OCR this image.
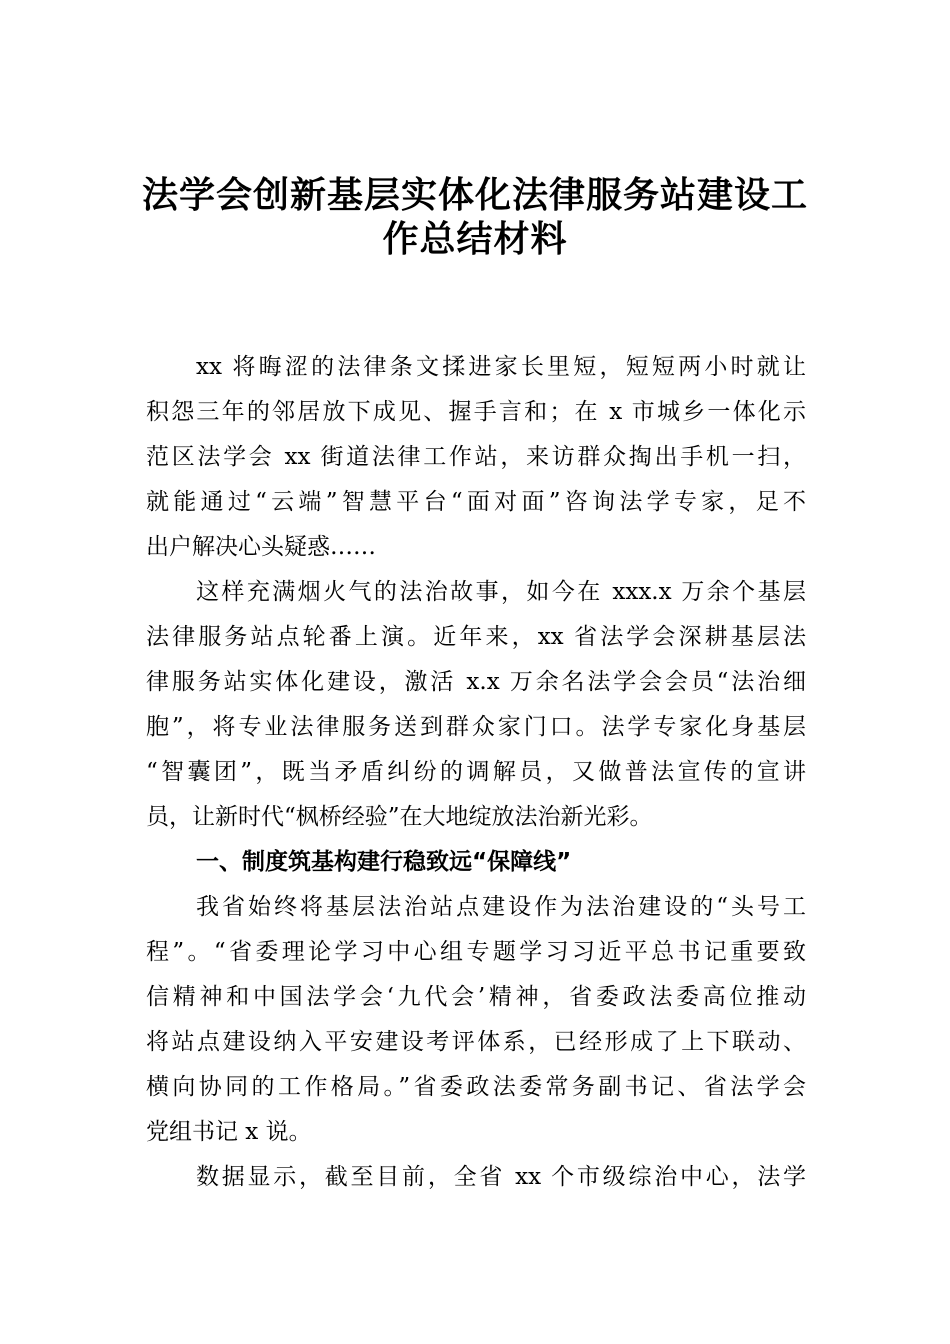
法学会创新基层实体化法律服务站建设工
作总结材料

xx 将晦涩的法律条文揉进家长里短，短短两小时就让

积怨三年的邻居放下成见、握手言和；在 x 市城乡一体化示

范区法学会 xx 街道法律工作站，来访群众掏出手机一扫，

就能通过“云端”智慧平台“面对面”咨询法学专家，足不

出户解决心头疑惑……

这样充满烟火气的法治故事，如今在 xxx.x 万余个基层

法律服务站点轮番上演。近年来，xx 省法学会深耕基层法

律服务站实体化建设，激活 x.x 万余名法学会会员“法治细

胞”，将专业法律服务送到群众家门口。法学专家化身基层

“智囊团”，既当矛盾纠纷的调解员，又做普法宣传的宣讲

员，让新时代“枫桥经验”在大地绽放法治新光彩。

一、制度筑基构建行稳致远“保障线”

我省始终将基层法治站点建设作为法治建设的“头号工

程”。“省委理论学习中心组专题学习习近平总书记重要致

信精神和中国法学会‘九代会’精神，省委政法委高位推动

将站点建设纳入平安建设考评体系，已经形成了上下联动、

横向协同的工作格局。”省委政法委常务副书记、省法学会

党组书记 x 说。

数据显示，截至目前，全省 xx 个市级综治中心，法学
